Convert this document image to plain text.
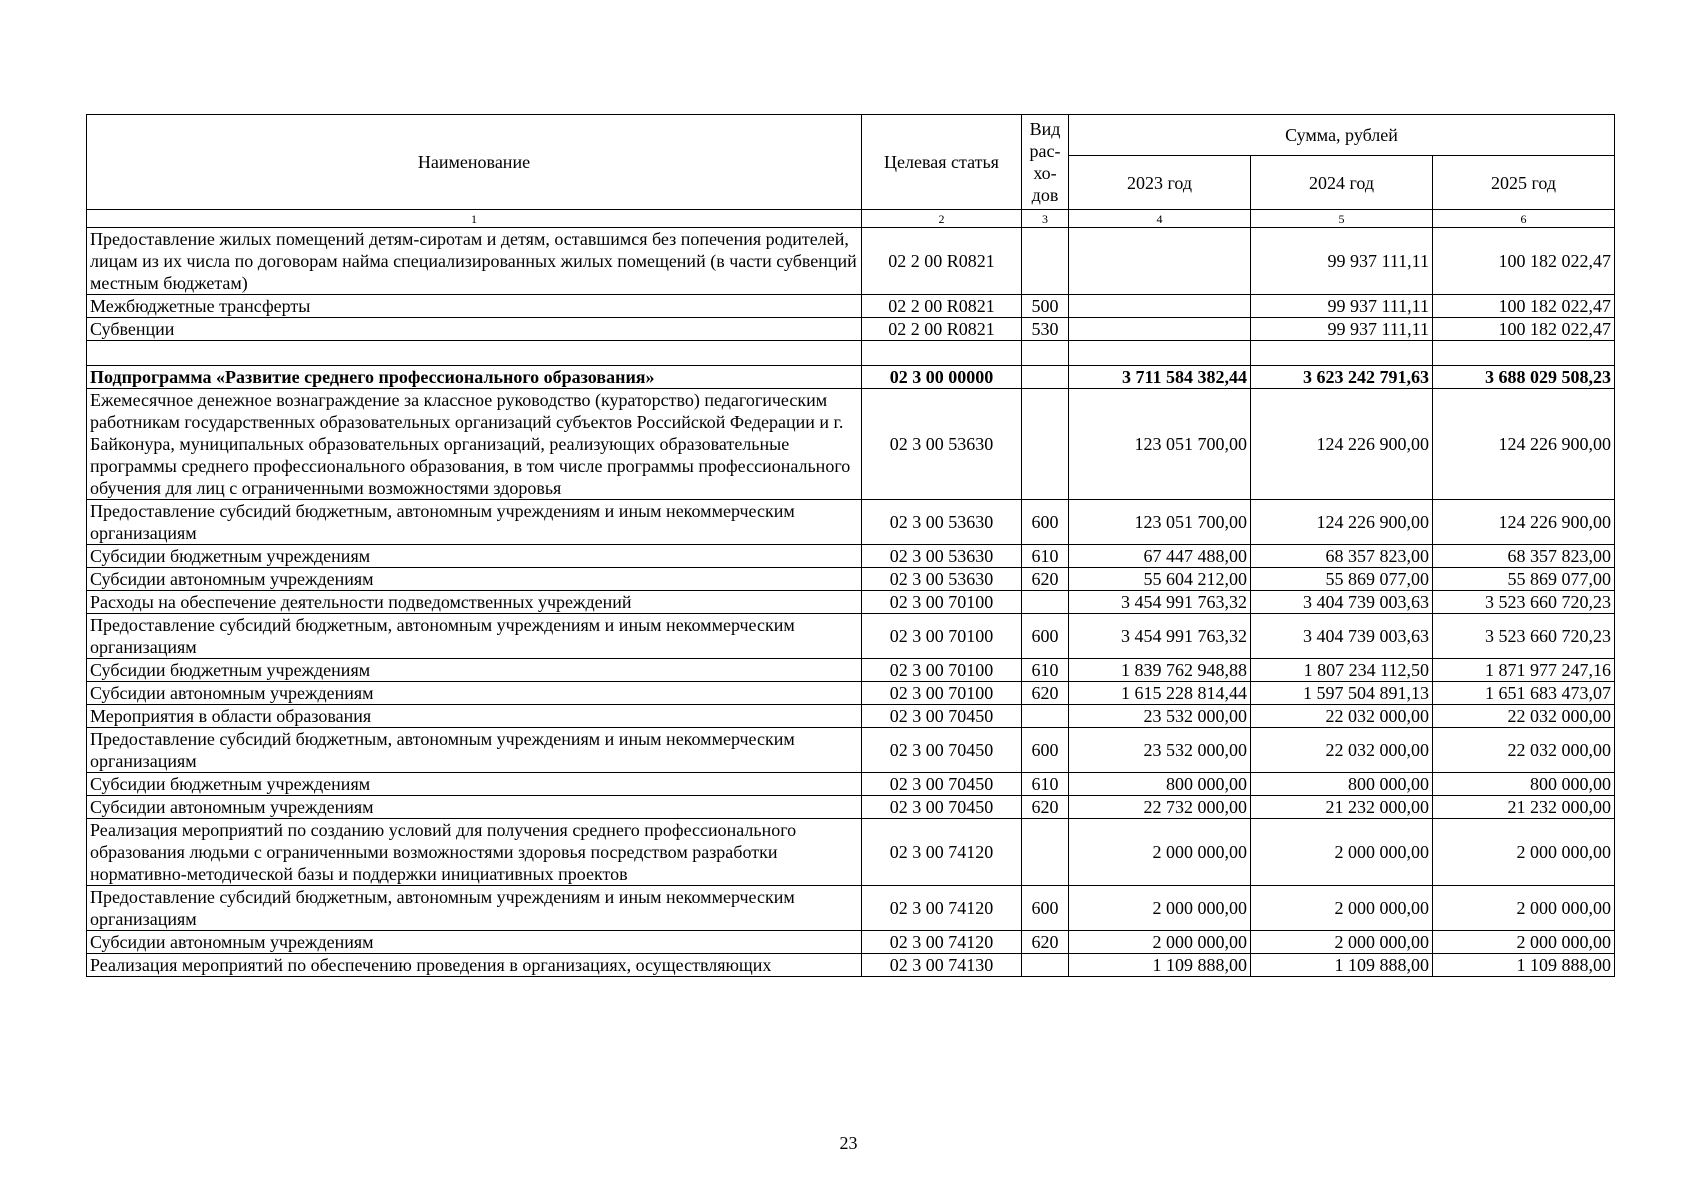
Наименование	Целевая статья	Вид рас-хо-дов	Сумма, рублей		
			2023 год	2024 год	2025 год
1	2	3	4	5	6
Предоставление жилых помещений детям-сиротам и детям, оставшимся без попечения родителей, лицам из их числа по договорам найма специализированных жилых помещений (в части субвенций местным бюджетам)	02 2 00 R0821			99 937 111,11	100 182 022,47
Межбюджетные трансферты	02 2 00 R0821	500		99 937 111,11	100 182 022,47
Субвенции	02 2 00 R0821	530		99 937 111,11	100 182 022,47

Подпрограмма «Развитие среднего профессионального образования»	02 3 00 00000		3 711 584 382,44	3 623 242 791,63	3 688 029 508,23
Ежемесячное денежное вознаграждение за классное руководство (кураторство) педагогическим работникам государственных образовательных организаций субъектов Российской Федерации и г. Байконура, муниципальных образовательных организаций, реализующих образовательные программы среднего профессионального образования, в том числе программы профессионального обучения для лиц с ограниченными возможностями здоровья	02 3 00 53630		123 051 700,00	124 226 900,00	124 226 900,00
Предоставление субсидий бюджетным, автономным учреждениям и иным некоммерческим организациям	02 3 00 53630	600	123 051 700,00	124 226 900,00	124 226 900,00
Субсидии бюджетным учреждениям	02 3 00 53630	610	67 447 488,00	68 357 823,00	68 357 823,00
Субсидии автономным учреждениям	02 3 00 53630	620	55 604 212,00	55 869 077,00	55 869 077,00
Расходы на обеспечение деятельности подведомственных учреждений	02 3 00 70100		3 454 991 763,32	3 404 739 003,63	3 523 660 720,23
Предоставление субсидий бюджетным, автономным учреждениям и иным некоммерческим организациям	02 3 00 70100	600	3 454 991 763,32	3 404 739 003,63	3 523 660 720,23
Субсидии бюджетным учреждениям	02 3 00 70100	610	1 839 762 948,88	1 807 234 112,50	1 871 977 247,16
Субсидии автономным учреждениям	02 3 00 70100	620	1 615 228 814,44	1 597 504 891,13	1 651 683 473,07
Мероприятия в области образования	02 3 00 70450		23 532 000,00	22 032 000,00	22 032 000,00
Предоставление субсидий бюджетным, автономным учреждениям и иным некоммерческим организациям	02 3 00 70450	600	23 532 000,00	22 032 000,00	22 032 000,00
Субсидии бюджетным учреждениям	02 3 00 70450	610	800 000,00	800 000,00	800 000,00
Субсидии автономным учреждениям	02 3 00 70450	620	22 732 000,00	21 232 000,00	21 232 000,00
Реализация мероприятий по созданию условий для получения среднего профессионального образования людьми с ограниченными возможностями здоровья посредством разработки нормативно-методической базы и поддержки инициативных проектов	02 3 00 74120		2 000 000,00	2 000 000,00	2 000 000,00
Предоставление субсидий бюджетным, автономным учреждениям и иным некоммерческим организациям	02 3 00 74120	600	2 000 000,00	2 000 000,00	2 000 000,00
Субсидии автономным учреждениям	02 3 00 74120	620	2 000 000,00	2 000 000,00	2 000 000,00
Реализация мероприятий по обеспечению проведения в организациях, осуществляющих	02 3 00 74130		1 109 888,00	1 109 888,00	1 109 888,00
23
